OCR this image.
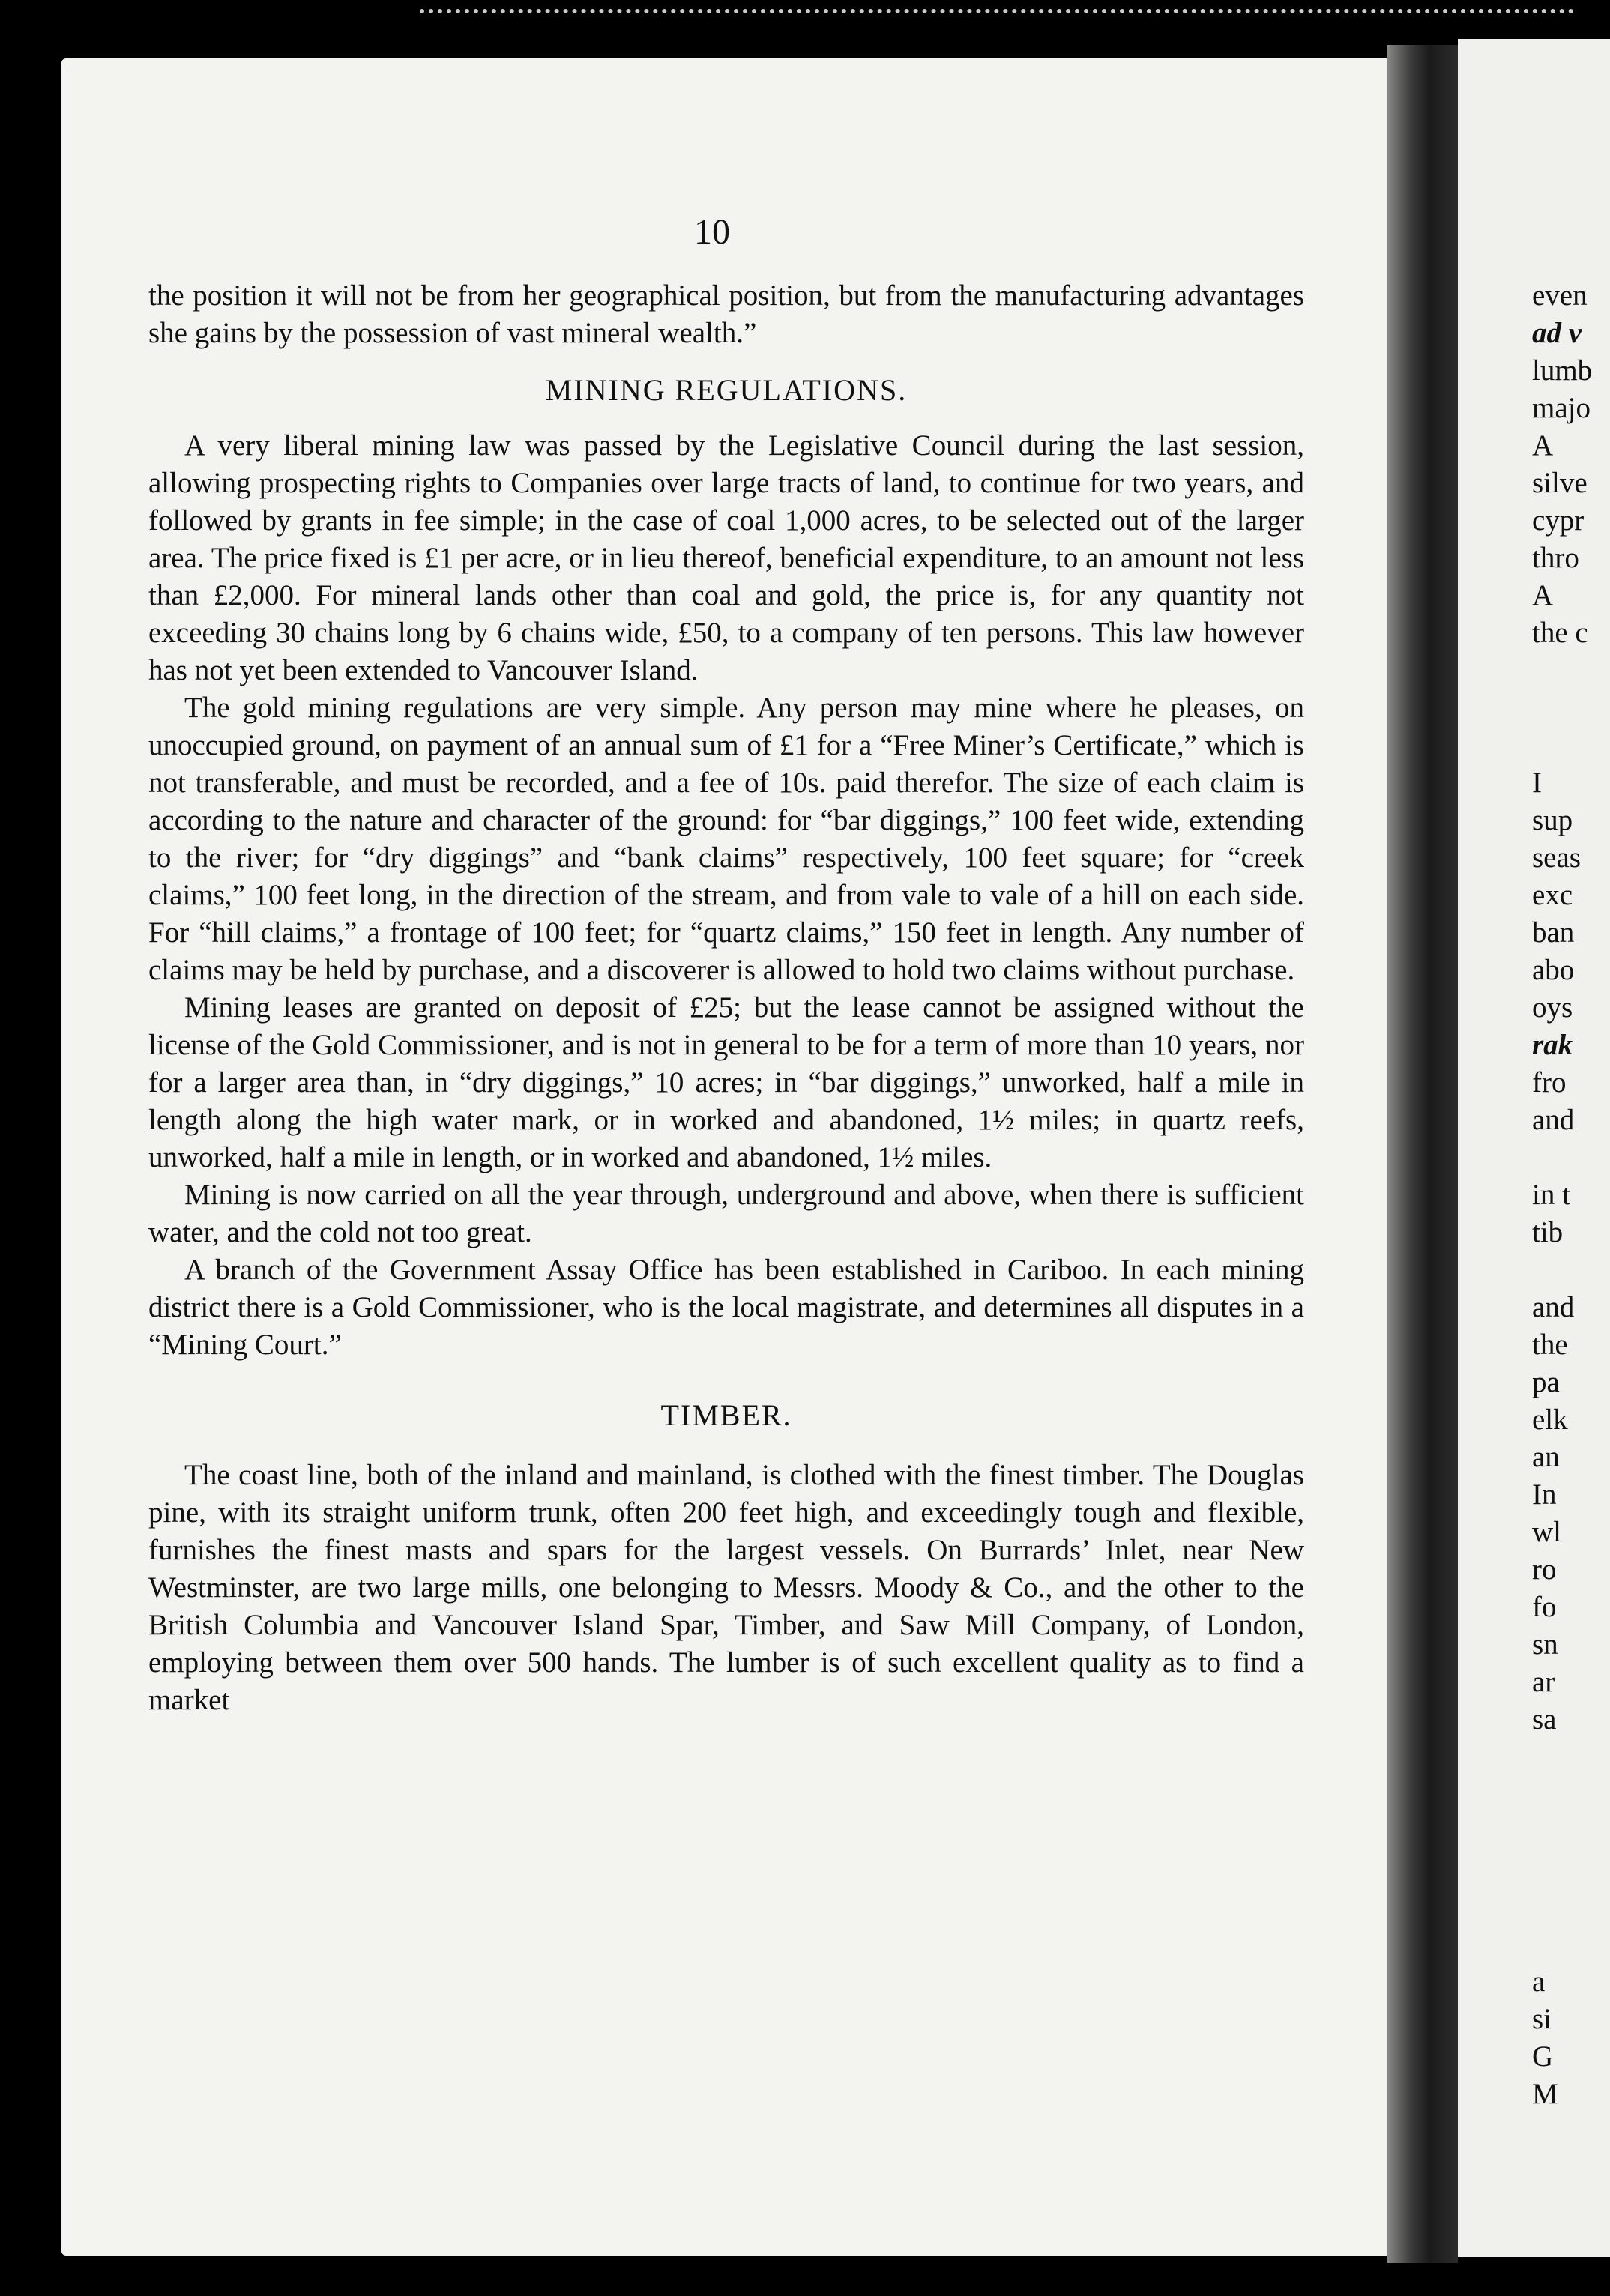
10

the position it will not be from her geographical position, but from the manufacturing advantages she gains by the possession of vast mineral wealth.”

MINING REGULATIONS.

A very liberal mining law was passed by the Legislative Council during the last session, allowing prospecting rights to Companies over large tracts of land, to continue for two years, and followed by grants in fee simple; in the case of coal 1,000 acres, to be selected out of the larger area. The price fixed is £1 per acre, or in lieu thereof, beneficial expenditure, to an amount not less than £2,000. For mineral lands other than coal and gold, the price is, for any quantity not exceeding 30 chains long by 6 chains wide, £50, to a company of ten persons. This law however has not yet been extended to Vancouver Island.

The gold mining regulations are very simple. Any person may mine where he pleases, on unoccupied ground, on payment of an annual sum of £1 for a “Free Miner’s Certificate,” which is not transferable, and must be recorded, and a fee of 10s. paid therefor. The size of each claim is according to the nature and character of the ground: for “bar diggings,” 100 feet wide, extending to the river; for “dry diggings” and “bank claims” respectively, 100 feet square; for “creek claims,” 100 feet long, in the direction of the stream, and from vale to vale of a hill on each side. For “hill claims,” a frontage of 100 feet; for “quartz claims,” 150 feet in length. Any number of claims may be held by purchase, and a discoverer is allowed to hold two claims without purchase.

Mining leases are granted on deposit of £25; but the lease cannot be assigned without the license of the Gold Commissioner, and is not in general to be for a term of more than 10 years, nor for a larger area than, in “dry diggings,” 10 acres; in “bar diggings,” unworked, half a mile in length along the high water mark, or in worked and abandoned, 1½ miles; in quartz reefs, unworked, half a mile in length, or in worked and abandoned, 1½ miles.

Mining is now carried on all the year through, underground and above, when there is sufficient water, and the cold not too great.

A branch of the Government Assay Office has been established in Cariboo. In each mining district there is a Gold Commissioner, who is the local magistrate, and determines all disputes in a “Mining Court.”

TIMBER.

The coast line, both of the inland and mainland, is clothed with the finest timber. The Douglas pine, with its straight uniform trunk, often 200 feet high, and exceedingly tough and flexible, furnishes the finest masts and spars for the largest vessels. On Burrards’ Inlet, near New Westminster, are two large mills, one belonging to Messrs. Moody & Co., and the other to the British Columbia and Vancouver Island Spar, Timber, and Saw Mill Company, of London, employing between them over 500 hands. The lumber is of such excellent quality as to find a market

even
ad v
lumb
majo
A
silve
cypr
thro
A
the c
I
sup
seas
exc
ban
abo
oys
rak
fro
and
in t
tib
and
the
pa
elk
an
In
wl
ro
fo
sn
ar
sa
a
si
G
M
